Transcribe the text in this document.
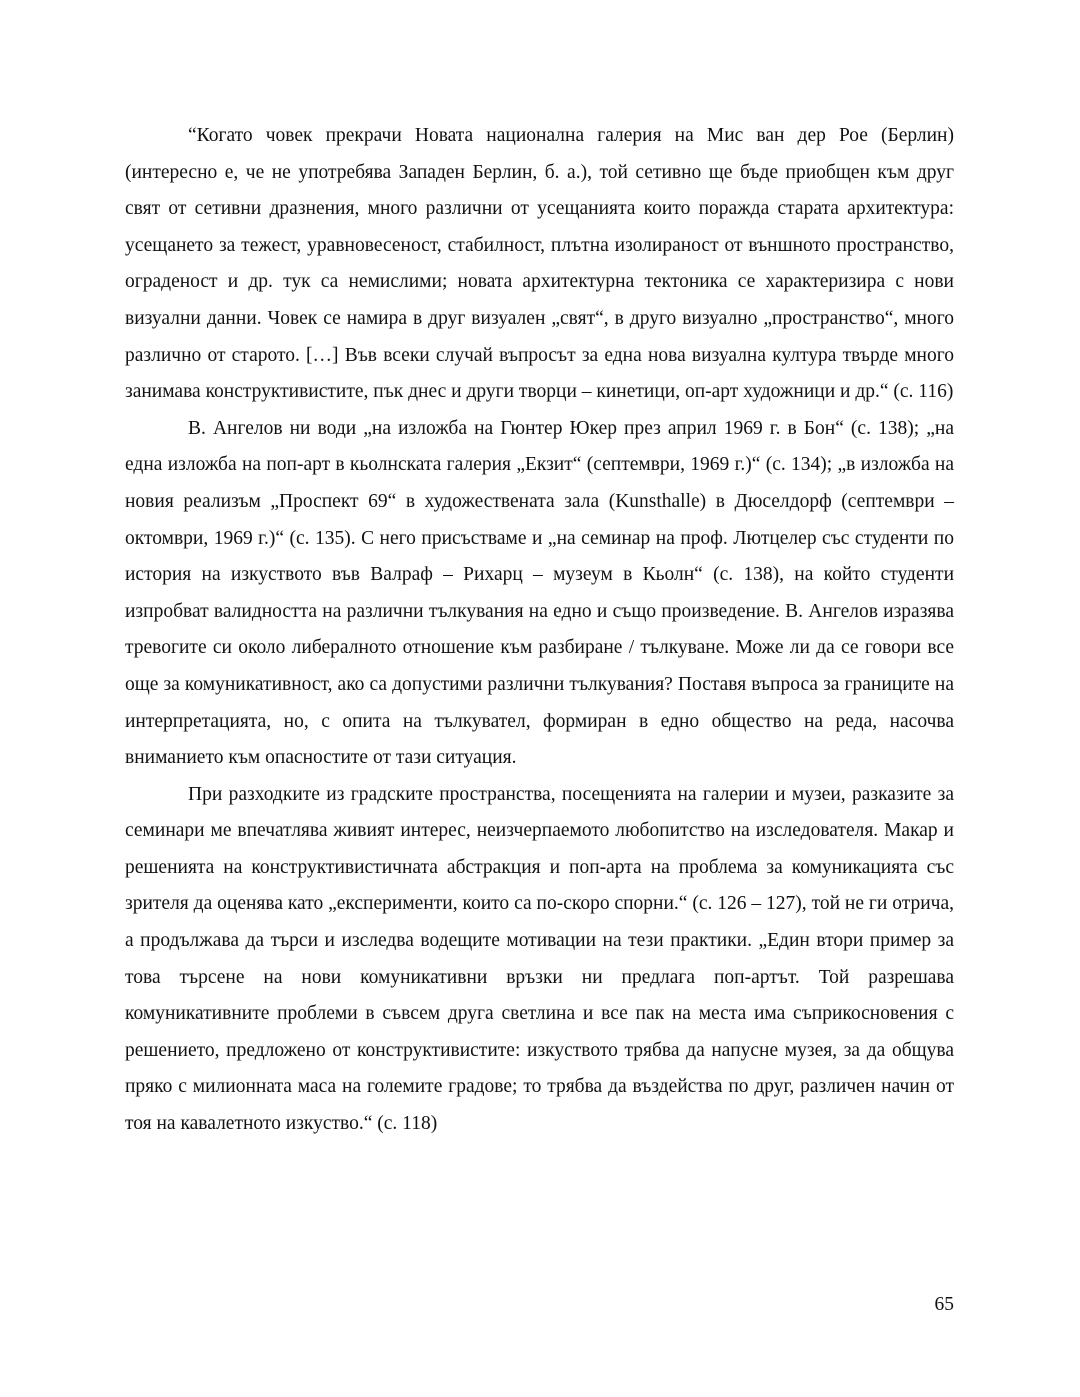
“Когато човек прекрачи Новата национална галерия на Мис ван дер Рое (Берлин) (интересно е, че не употребява Западен Берлин, б. а.), той сетивно ще бъде приобщен към друг свят от сетивни дразнения, много различни от усещанията които поражда старата архитектура: усещането за тежест, уравновесеност, стабилност, плътна изолираност от външното пространство, ограденост и др. тук са немислими; новата архитектурна тектоника се характеризира с нови визуални данни. Човек се намира в друг визуален „свят“, в друго визуално „пространство“, много различно от старото. […] Във всеки случай въпросът за една нова визуална култура твърде много занимава конструктивистите, пък днес и други творци – кинетици, оп-арт художници и др.“ (с. 116)

В. Ангелов ни води „на изложба на Гюнтер Юкер през април 1969 г. в Бон“ (с. 138); „на една изложба на поп-арт в кьолнската галерия „Екзит“ (септември, 1969 г.)“ (с. 134); „в изложба на новия реализъм „Проспект 69“ в художествената зала (Kunsthalle) в Дюселдорф (септември – октомври, 1969 г.)“ (с. 135). С него присъстваме и „на семинар на проф. Лютцелер със студенти по история на изкуството във Валраф – Рихарц – музеум в Кьолн“ (с. 138), на който студенти изпробват валидността на различни тълкувания на едно и също произведение. В. Ангелов изразява тревогите си около либералното отношение към разбиране / тълкуване. Може ли да се говори все още за комуникативност, ако са допустими различни тълкувания? Поставя въпроса за границите на интерпретацията, но, с опита на тълкувател, формиран в едно общество на реда, насочва вниманието към опасностите от тази ситуация.

При разходките из градските пространства, посещенията на галерии и музеи, разказите за семинари ме впечатлява живият интерес, неизчерпаемото любопитство на изследователя. Макар и решенията на конструктивистичната абстракция и поп-арта на проблема за комуникацията със зрителя да оценява като „експерименти, които са по-скоро спорни.“ (с. 126 – 127), той не ги отрича, а продължава да търси и изследва водещите мотивации на тези практики. „Един втори пример за това търсене на нови комуникативни връзки ни предлага поп-артът. Той разрешава комуникативните проблеми в съвсем друга светлина и все пак на места има съприкосновения с решението, предложено от конструктивистите: изкуството трябва да напусне музея, за да общува пряко с милионната маса на големите градове; то трябва да въздейства по друг, различен начин от тоя на кавалетното изкуство.“ (с. 118)

65
